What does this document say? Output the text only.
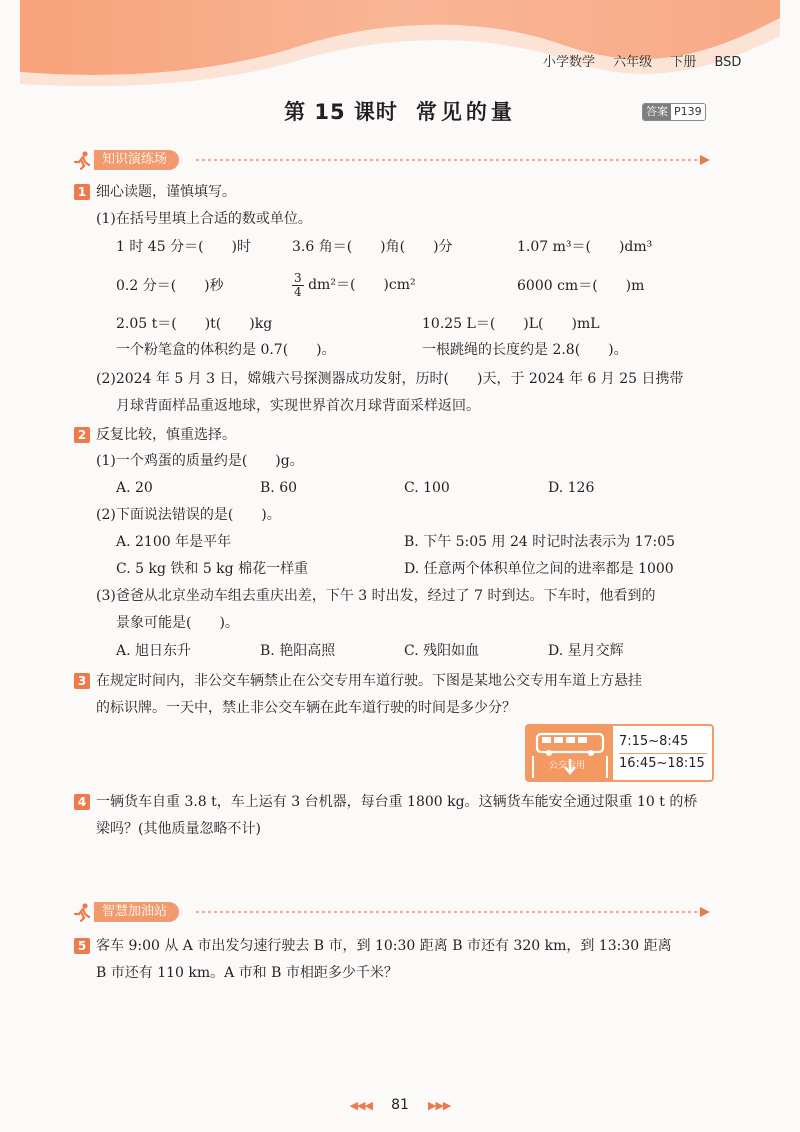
小学数学 六年级 下册 BSD
第 15 课时 常见的量	答案 P139
知识演练场
1 细心读题，谨慎填写。
(1)在括号里填上合适的数或单位。
1 时 45 分＝(　　)时	3.6 角＝(　　)角(　　)分	1.07 m³＝(　　)dm³
0.2 分＝(　　)秒	$\frac{3}{4} dm^2=$(　　)cm²	6000 cm＝(　　)m
2.05 t＝(　　)t(　　)kg	10.25 L＝(　　)L(　　)mL
一个粉笔盒的体积约是 0.7(　　)。	一根跳绳的长度约是 2.8(　　)。
(2)2024 年 5 月 3 日，嫦娥六号探测器成功发射，历时(　　)天，于 2024 年 6 月 25 日携带
月球背面样品重返地球，实现世界首次月球背面采样返回。
2 反复比较，慎重选择。
(1)一个鸡蛋的质量约是(　　)g。
A. 20	B. 60	C. 100	D. 126
(2)下面说法错误的是(　　)。
A. 2100 年是平年	B. 下午 5:05 用 24 时记时法表示为 17:05
C. 5 kg 铁和 5 kg 棉花一样重	D. 任意两个体积单位之间的进率都是 1000
(3)爸爸从北京坐动车组去重庆出差，下午 3 时出发，经过了 7 时到达。下车时，他看到的
景象可能是(　　)。
A. 旭日东升	B. 艳阳高照	C. 残阳如血	D. 星月交辉
3 在规定时间内，非公交车辆禁止在公交专用车道行驶。下图是某地公交专用车道上方悬挂
的标识牌。一天中，禁止非公交车辆在此车道行驶的时间是多少分？
公交专用
7:15~8:45
16:45~18:15
4 一辆货车自重 3.8 t，车上运有 3 台机器，每台重 1800 kg。这辆货车能安全通过限重 10 t 的桥
梁吗？(其他质量忽略不计)
智慧加油站
5 客车 9:00 从 A 市出发匀速行驶去 B 市，到 10:30 距离 B 市还有 320 km，到 13:30 距离
B 市还有 110 km。A 市和 B 市相距多少千米？
◀◀◀ 81 ▶▶▶
